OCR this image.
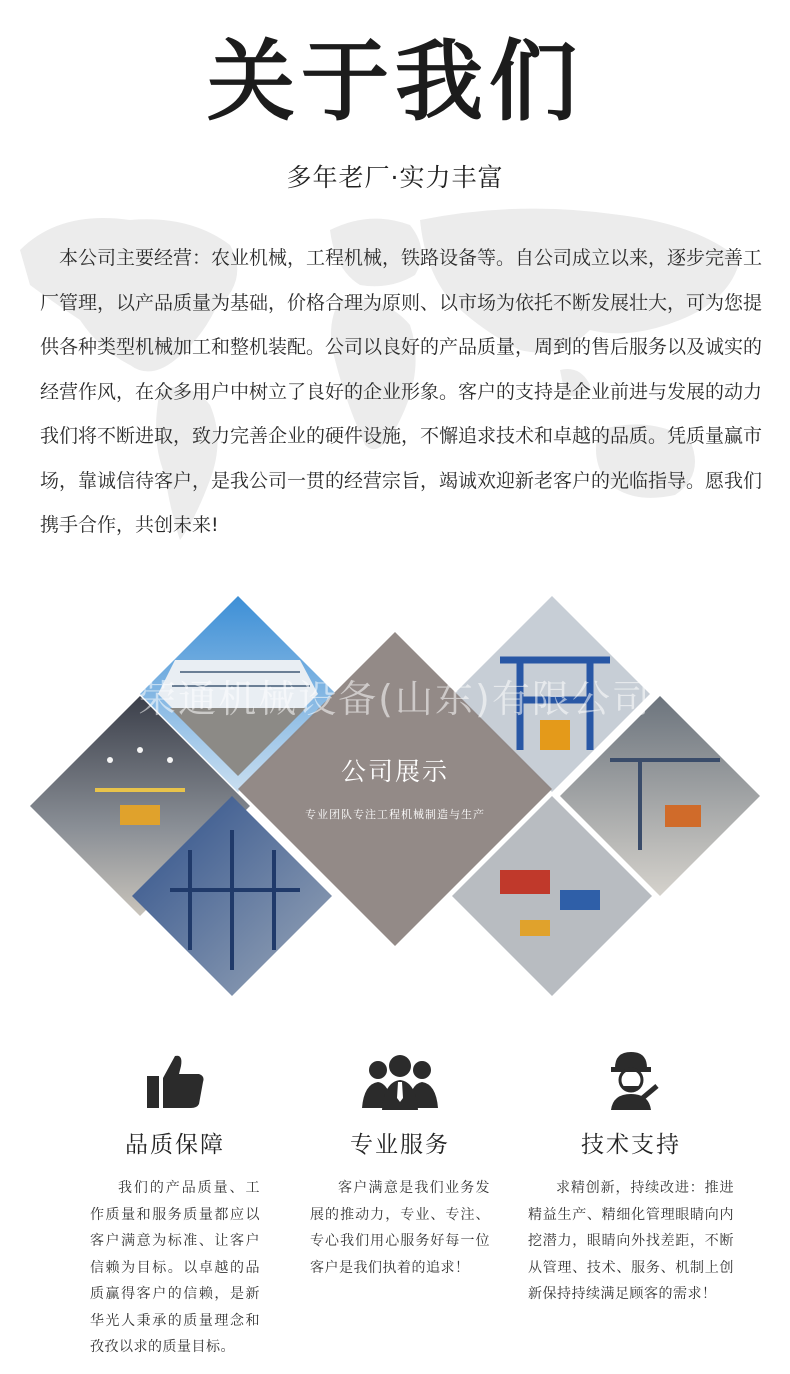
关于我们
多年老厂·实力丰富

本公司主要经营：农业机械，工程机械，铁路设备等。自公司成立以来，逐步完善工厂管理，以产品质量为基础，价格合理为原则、以市场为依托不断发展壮大，可为您提供各种类型机械加工和整机装配。公司以良好的产品质量，周到的售后服务以及诚实的经营作风，在众多用户中树立了良好的企业形象。客户的支持是企业前进与发展的动力我们将不断进取，致力完善企业的硬件设施，不懈追求技术和卓越的品质。凭质量赢市场，靠诚信待客户，是我公司一贯的经营宗旨，竭诚欢迎新老客户的光临指导。愿我们携手合作，共创未来!

荣通机械设备(山东)有限公司
公司展示
专业团队专注工程机械制造与生产
品质保障

我们的产品质量、工作质量和服务质量都应以客户满意为标准、让客户信赖为目标。以卓越的品质赢得客户的信赖，是新华光人秉承的质量理念和孜孜以求的质量目标。

专业服务

客户满意是我们业务发展的推动力，专业、专注、专心我们用心服务好每一位客户是我们执着的追求！

技术支持

求精创新，持续改进：推进精益生产、精细化管理眼睛向内挖潜力，眼睛向外找差距，不断从管理、技术、服务、机制上创新保持持续满足顾客的需求！
